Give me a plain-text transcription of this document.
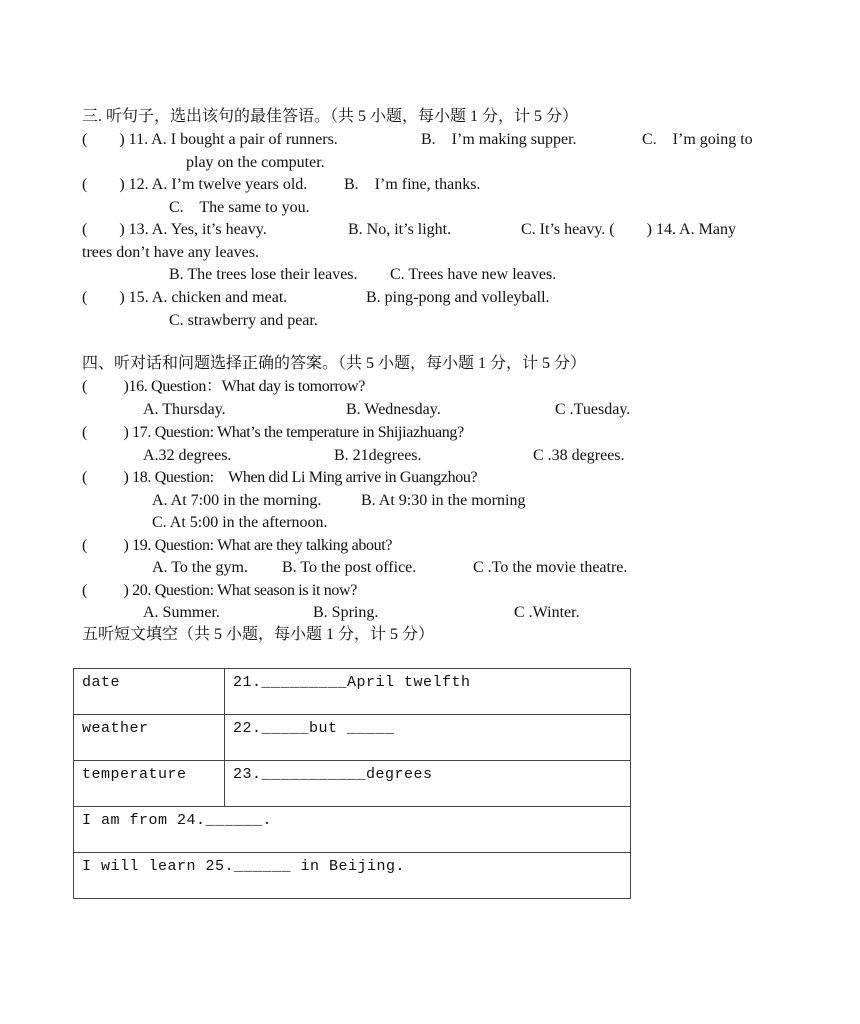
三. 听句子，选出该句的最佳答语。（共 5 小题，每小题 1 分，计 5 分）
(        ) 11. A. I bought a pair of runners.	B.    I’m making supper.	C.    I’m going to
play on the computer.
(        ) 12. A. I’m twelve years old. B.    I’m fine, thanks.
C.    The same to you.
(        ) 13. A. Yes, it’s heavy.	B. No, it’s light.	C. It’s heavy. (        ) 14. A. Many
trees don’t have any leaves.
B. The trees lose their leaves. C. Trees have new leaves.
(        ) 15. A. chicken and meat.	B. ping-pong and volleyball.
C. strawberry and pear.
四、听对话和问题选择正确的答案。（共 5 小题，每小题 1 分，计 5 分）
(          )16. Question：What day is tomorrow?
A. Thursday.	B. Wednesday.	C .Tuesday.
(          ) 17. Question: What’s the temperature in Shijiazhuang?
A.32 degrees.	B. 21degrees.	C .38 degrees.
(          ) 18. Question:    When did Li Ming arrive in Guangzhou?
A. At 7:00 in the morning. B. At 9:30 in the morning
C. At 5:00 in the afternoon.
(          ) 19. Question: What are they talking about?
A. To the gym. B. To the post office.	C .To the movie theatre.
(          ) 20. Question: What season is it now?
A. Summer.	B. Spring.	C .Winter.
五听短文填空（共 5 小题，每小题 1 分，计 5 分）
date	21._________April twelfth
weather	22._____but _____
temperature	23.___________degrees
I am from 24.______.	
I will learn 25.______ in Beijing.	
